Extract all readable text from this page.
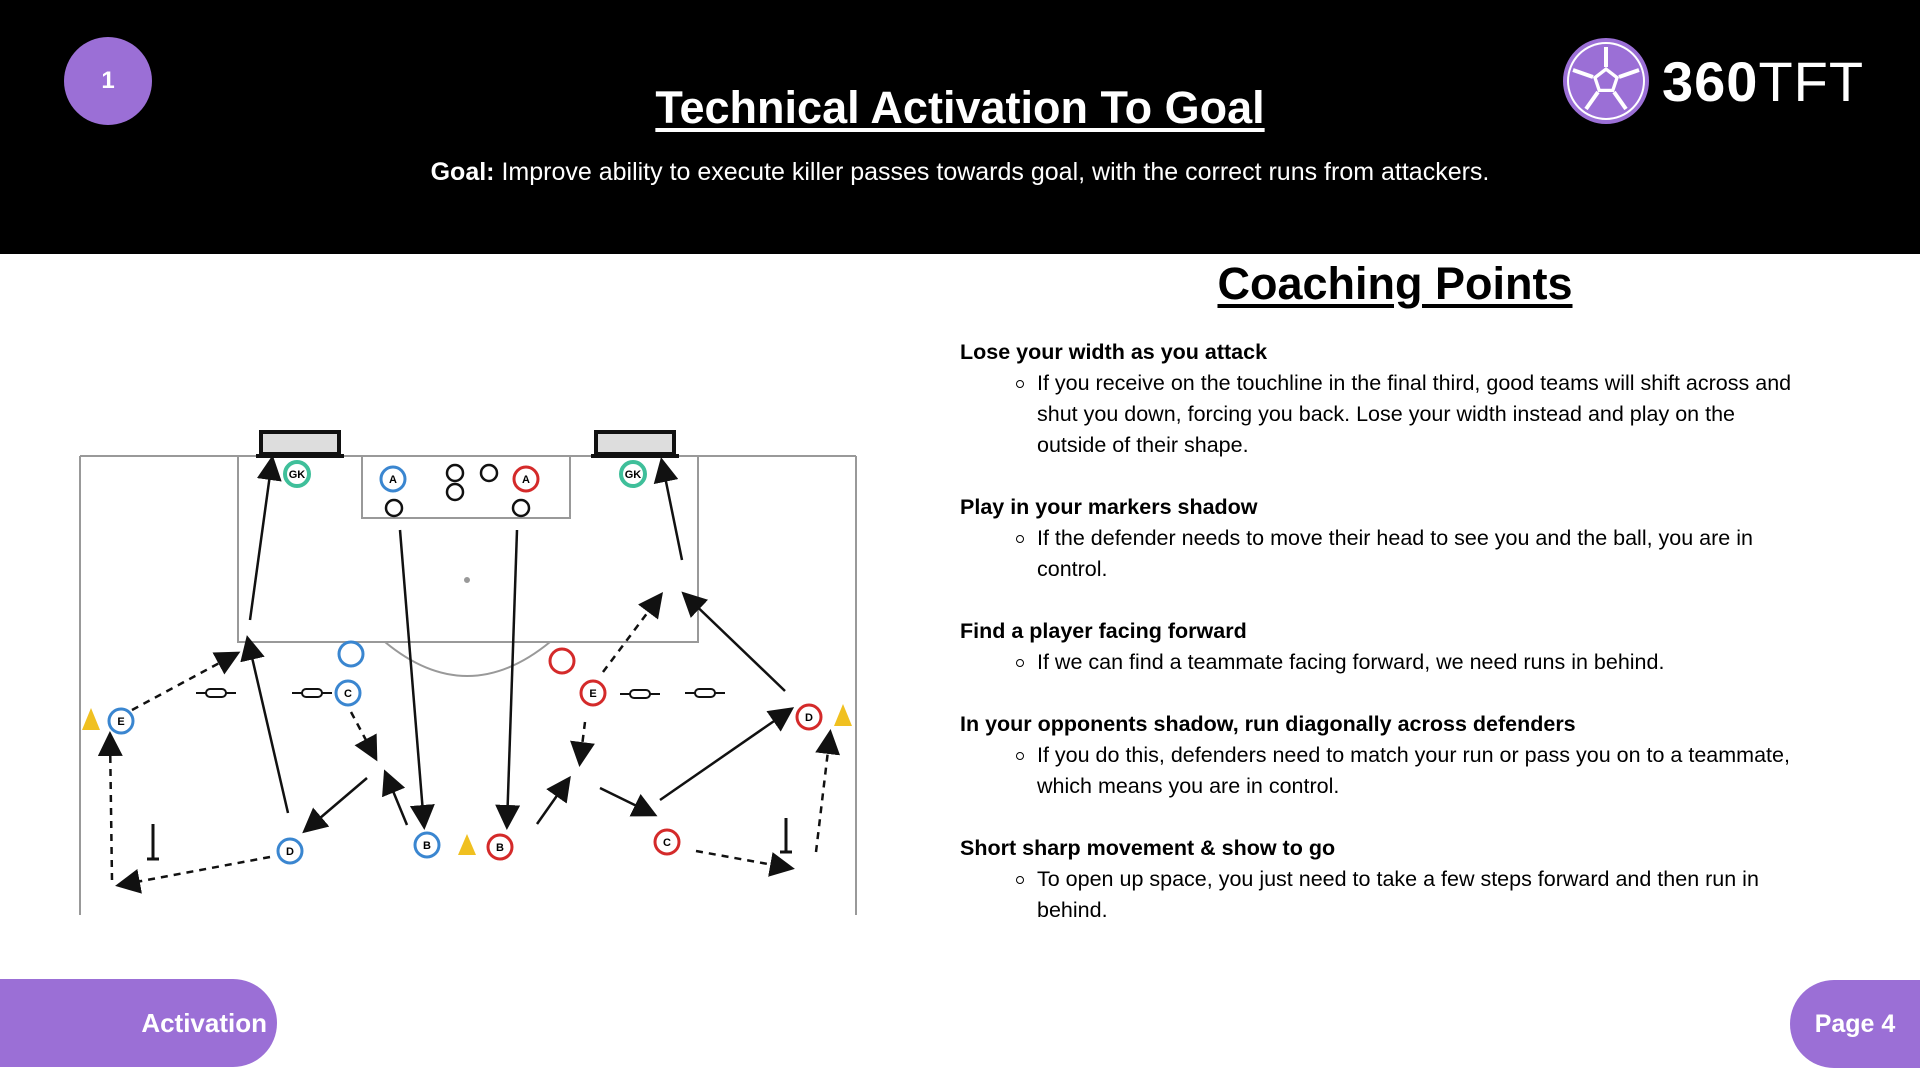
1
Technical Activation To Goal
Goal: Improve ability to execute killer passes towards goal, with the correct runs from attackers.
360TFT
GK	GK
A	A
B	B
C
C
D
D
E
E
Coaching Points
Lose your width as you attack
If you receive on the touchline in the final third, good teams will shift across and shut you down, forcing you back. Lose your width instead and play on the outside of their shape.
Play in your markers shadow
If the defender needs to move their head to see you and the ball, you are in control.
Find a player facing forward
If we can find a teammate facing forward, we need runs in behind.
In your opponents shadow, run diagonally across defenders
If you do this, defenders need to match your run or pass you on to a teammate, which means you are in control.
Short sharp movement & show to go
To open up space, you just need to take a few steps forward and then run in behind.
Activation	Page 4
